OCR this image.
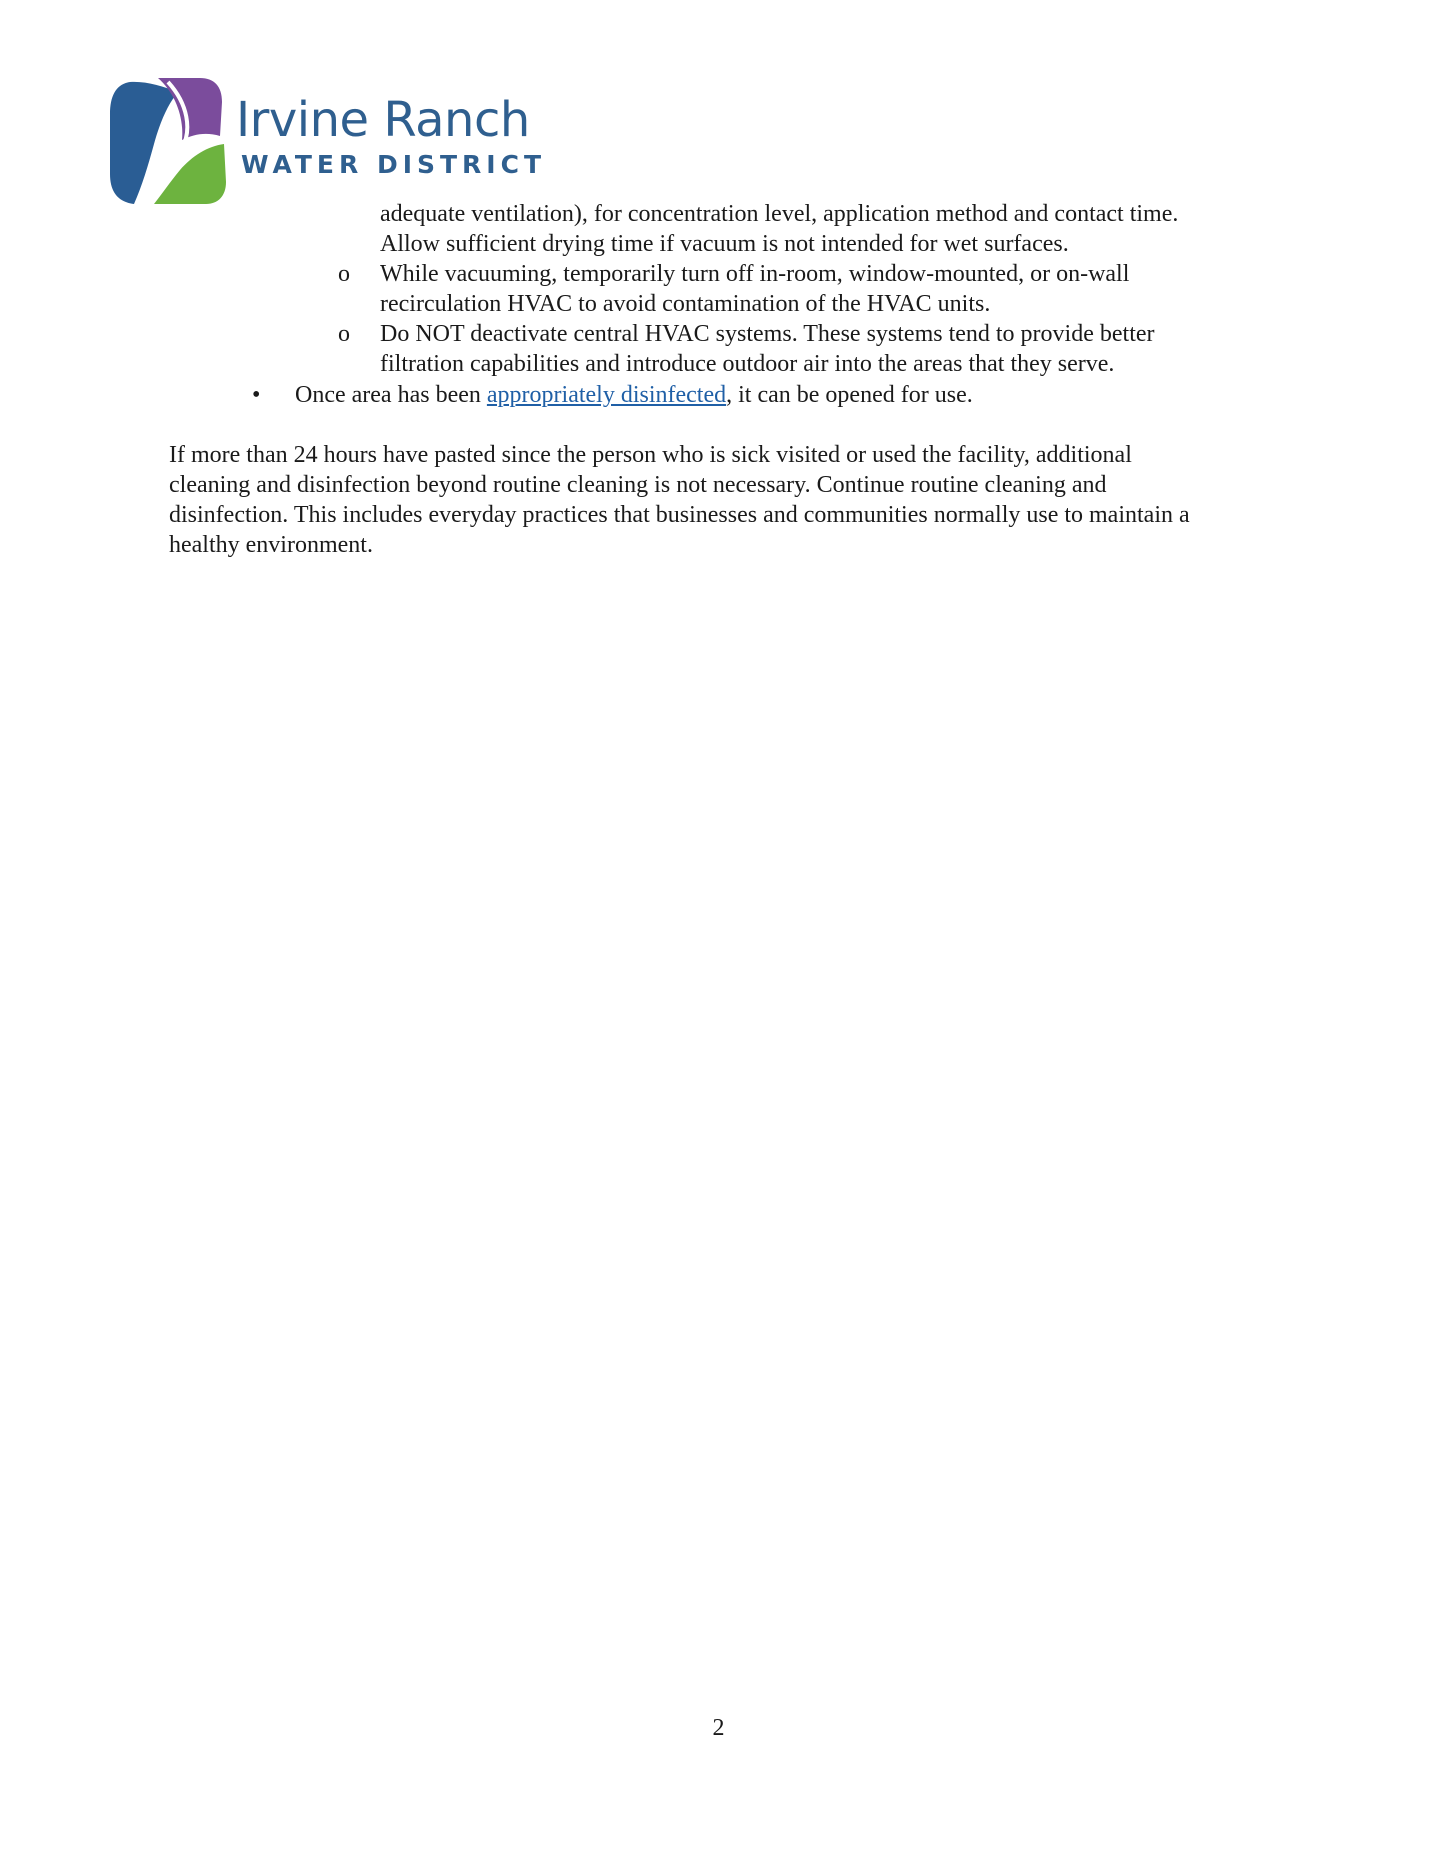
Irvine Ranch
WATER DISTRICT
adequate ventilation), for concentration level, application method and contact time.
Allow sufficient drying time if vacuum is not intended for wet surfaces.
o While vacuuming, temporarily turn off in-room, window-mounted, or on-wall
recirculation HVAC to avoid contamination of the HVAC units.
o Do NOT deactivate central HVAC systems. These systems tend to provide better
filtration capabilities and introduce outdoor air into the areas that they serve.
• Once area has been appropriately disinfected, it can be opened for use.
If more than 24 hours have pasted since the person who is sick visited or used the facility, additional
cleaning and disinfection beyond routine cleaning is not necessary. Continue routine cleaning and
disinfection. This includes everyday practices that businesses and communities normally use to maintain a
healthy environment.
2
